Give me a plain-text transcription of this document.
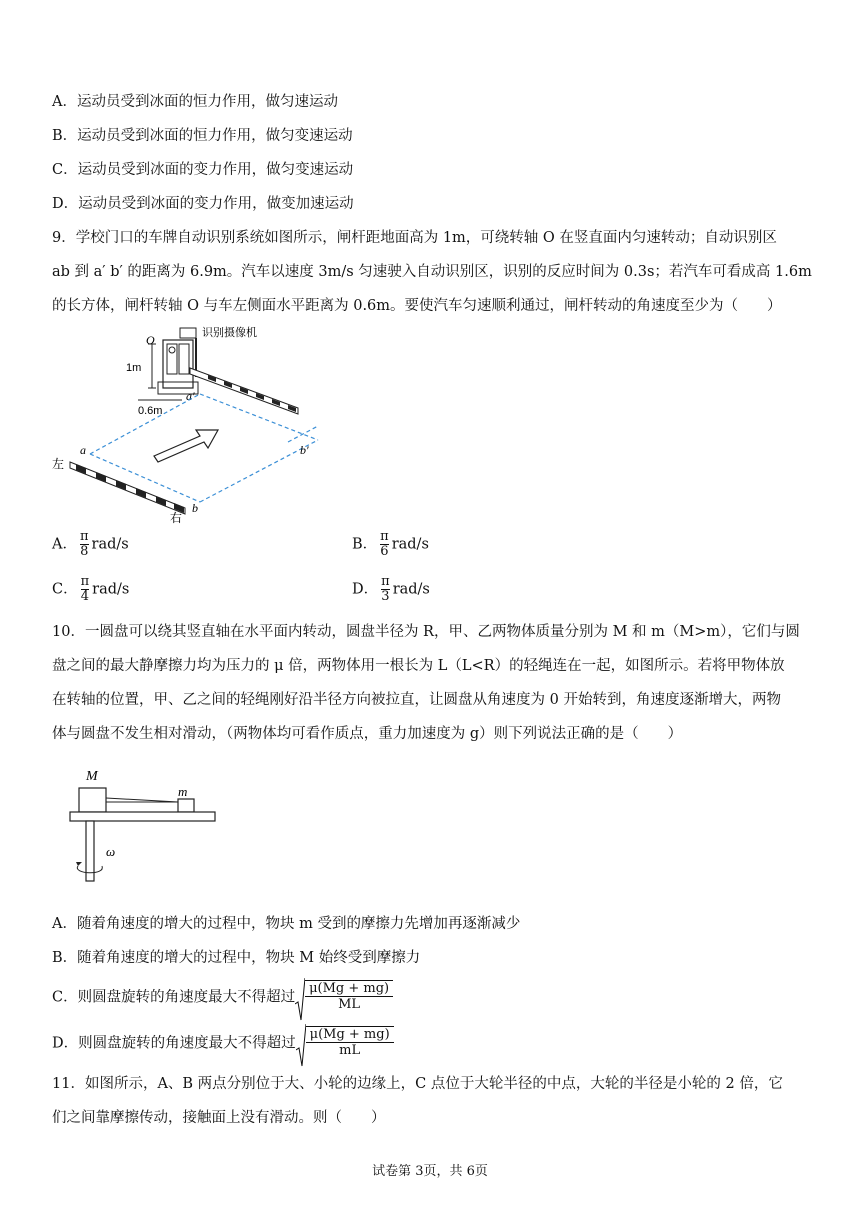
A．运动员受到冰面的恒力作用，做匀速运动
B．运动员受到冰面的恒力作用，做匀变速运动
C．运动员受到冰面的变力作用，做匀变速运动
D．运动员受到冰面的变力作用，做变加速运动
9．学校门口的车牌自动识别系统如图所示，闸杆距地面高为 1m，可绕转轴 O 在竖直面内匀速转动；自动识别区
ab 到 a′ b′ 的距离为 6.9m。汽车以速度 3m/s 匀速驶入自动识别区，识别的反应时间为 0.3s；若汽车可看成高 1.6m
的长方体，闸杆转轴 O 与车左侧面水平距离为 0.6m。要使汽车匀速顺利通过，闸杆转动的角速度至少为（　　）
1m
O
识别摄像机
0.6m
a′
a	b′
b
左
右
A． $\frac{\pi}{8} rad/s$	B． $\frac{\pi}{6} rad/s$
C． $\frac{\pi}{4} rad/s$	D． $\frac{\pi}{3} rad/s$
10．一圆盘可以绕其竖直轴在水平面内转动，圆盘半径为 R，甲、乙两物体质量分别为 M 和 m（M>m），它们与圆
盘之间的最大静摩擦力均为压力的 μ 倍，两物体用一根长为 L（L<R）的轻绳连在一起，如图所示。若将甲物体放
在转轴的位置，甲、乙之间的轻绳刚好沿半径方向被拉直，让圆盘从角速度为 0 开始转到，角速度逐渐增大，两物
体与圆盘不发生相对滑动，（两物体均可看作质点，重力加速度为 g）则下列说法正确的是（　　）
M
m
ω
A．随着角速度的增大的过程中，物块 m 受到的摩擦力先增加再逐渐减少
B．随着角速度的增大的过程中，物块 M 始终受到摩擦力
C．则圆盘旋转的角速度最大不得超过 $\frac{\mu(Mg + mg)}{ML}$
D．则圆盘旋转的角速度最大不得超过 $\frac{\mu(Mg + mg)}{mL}$
11．如图所示，A、B 两点分别位于大、小轮的边缘上，C 点位于大轮半径的中点，大轮的半径是小轮的 2 倍，它
们之间靠摩擦传动，接触面上没有滑动。则（　　）
试卷第 3页，共 6页
